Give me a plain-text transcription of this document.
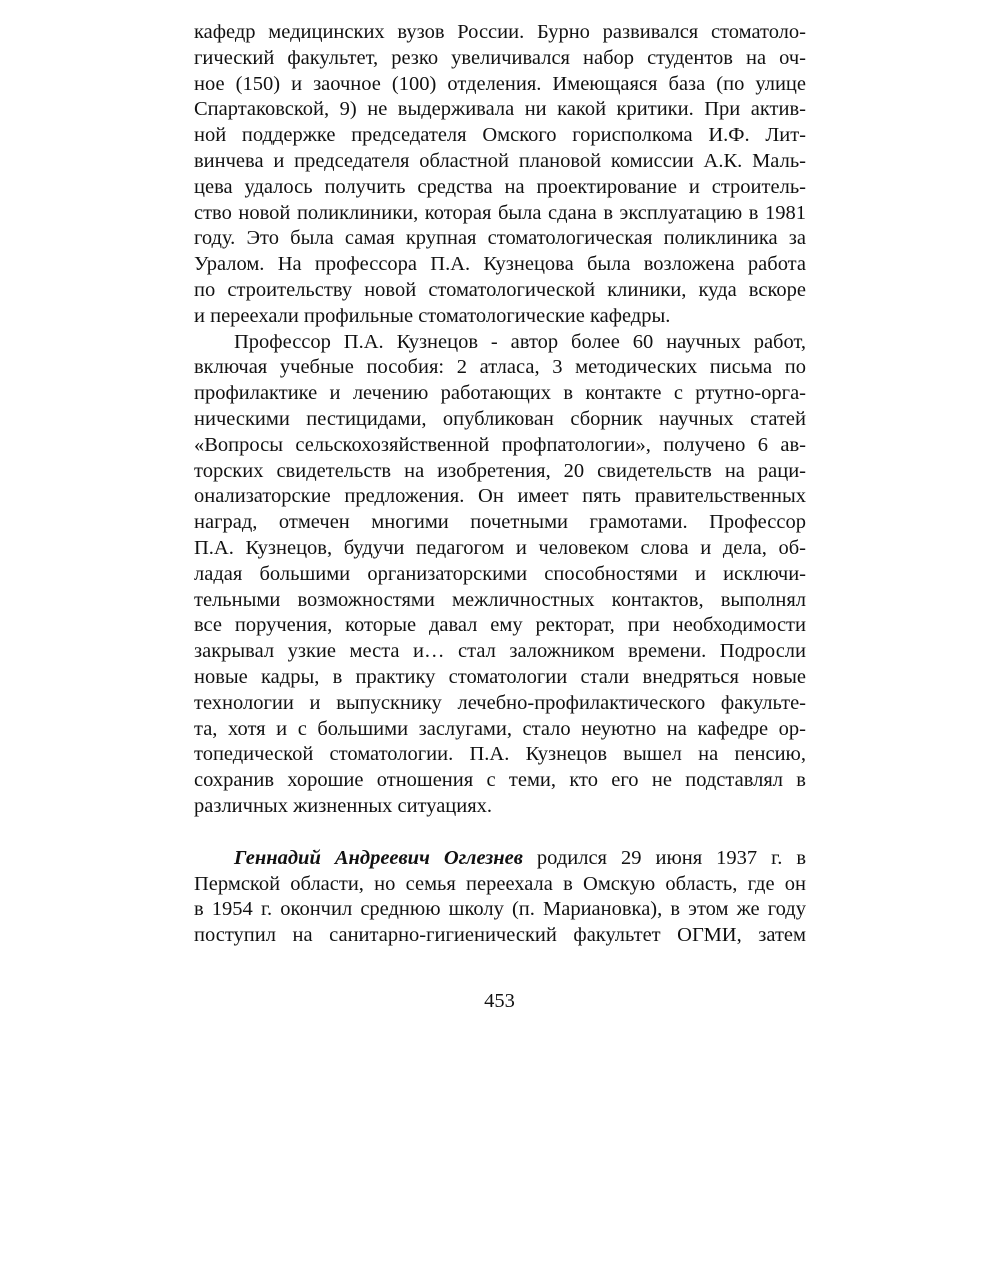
кафедр медицинских вузов России. Бурно развивался стоматоло-
гический факультет, резко увеличивался набор студентов на оч-
ное (150) и заочное (100) отделения. Имеющаяся база (по улице
Спартаковской, 9) не выдерживала ни какой критики. При актив-
ной поддержке председателя Омского горисполкома И.Ф. Лит-
винчева и председателя областной плановой комиссии А.К. Маль-
цева удалось получить средства на проектирование и строитель-
ство новой поликлиники, которая была сдана в эксплуатацию в 1981
году. Это была самая крупная стоматологическая поликлиника за
Уралом. На профессора П.А. Кузнецова была возложена работа
по строительству новой стоматологической клиники, куда вскоре
и переехали профильные стоматологические кафедры.
Профессор П.А. Кузнецов - автор более 60 научных работ,
включая учебные пособия: 2 атласа, 3 методических письма по
профилактике и лечению работающих в контакте с ртутно-орга-
ническими пестицидами, опубликован сборник научных статей
«Вопросы сельскохозяйственной профпатологии», получено 6 ав-
торских свидетельств на изобретения, 20 свидетельств на раци-
онализаторские предложения. Он имеет пять правительственных
наград, отмечен многими почетными грамотами. Профессор
П.А. Кузнецов, будучи педагогом и человеком слова и дела, об-
ладая большими организаторскими способностями и исключи-
тельными возможностями межличностных контактов, выполнял
все поручения, которые давал ему ректорат, при необходимости
закрывал узкие места и… стал заложником времени. Подросли
новые кадры, в практику стоматологии стали внедряться новые
технологии и выпускнику лечебно-профилактического факульте-
та, хотя и с большими заслугами, стало неуютно на кафедре ор-
топедической стоматологии. П.А. Кузнецов вышел на пенсию,
сохранив хорошие отношения с теми, кто его не подставлял в
различных жизненных ситуациях.
Геннадий Андреевич Оглезнев родился 29 июня 1937 г. в
Пермской области, но семья переехала в Омскую область, где он
в 1954 г. окончил среднюю школу (п. Мариановка), в этом же году
поступил на санитарно-гигиенический факультет ОГМИ, затем
453
